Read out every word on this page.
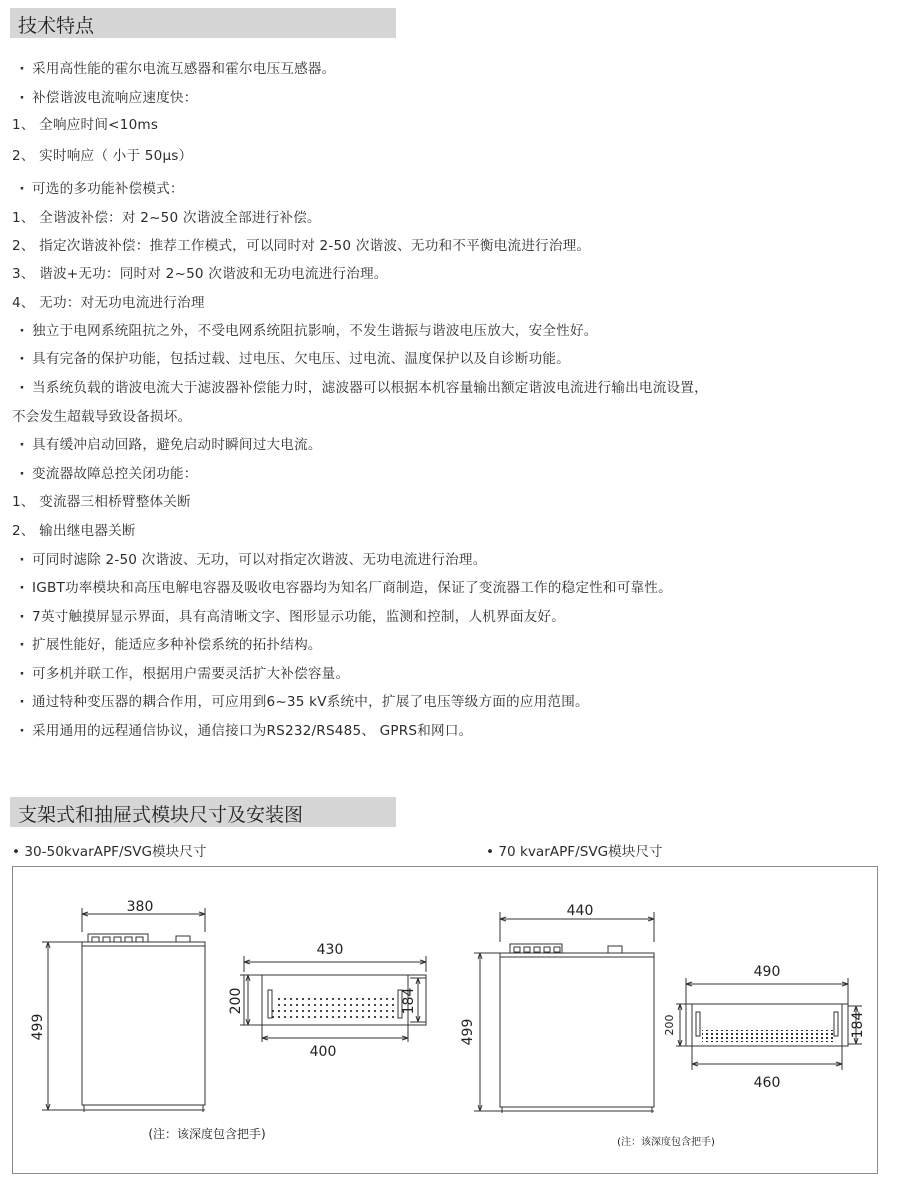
技术特点
· 采用高性能的霍尔电流互感器和霍尔电压互感器。
· 补偿谐波电流响应速度快：
1、 全响应时间<10ms
2、 实时响应（ 小于 50μs）
· 可选的多功能补偿模式：
1、 全谐波补偿：对 2~50 次谐波全部进行补偿。
2、 指定次谐波补偿：推荐工作模式，可以同时对 2-50 次谐波、无功和不平衡电流进行治理。
3、 谐波+无功：同时对 2~50 次谐波和无功电流进行治理。
4、 无功：对无功电流进行治理
· 独立于电网系统阻抗之外，不受电网系统阻抗影响，不发生谐振与谐波电压放大，安全性好。
· 具有完备的保护功能，包括过载、过电压、欠电压、过电流、温度保护以及自诊断功能。
· 当系统负载的谐波电流大于滤波器补偿能力时，滤波器可以根据本机容量输出额定谐波电流进行输出电流设置，
不会发生超载导致设备损坏。
· 具有缓冲启动回路，避免启动时瞬间过大电流。
· 变流器故障总控关闭功能：
1、 变流器三相桥臂整体关断
2、 输出继电器关断
· 可同时滤除 2-50 次谐波、无功，可以对指定次谐波、无功电流进行治理。
· IGBT功率模块和高压电解电容器及吸收电容器均为知名厂商制造，保证了变流器工作的稳定性和可靠性。
· 7英寸触摸屏显示界面，具有高清晰文字、图形显示功能，监测和控制，人机界面友好。
· 扩展性能好，能适应多种补偿系统的拓扑结构。
· 可多机并联工作，根据用户需要灵活扩大补偿容量。
· 通过特种变压器的耦合作用，可应用到6~35 kV系统中，扩展了电压等级方面的应用范围。
· 采用通用的远程通信协议，通信接口为RS232/RS485、 GPRS和网口。
支架式和抽屉式模块尺寸及安装图
• 30-50kvarAPF/SVG模块尺寸	• 70 kvarAPF/SVG模块尺寸
380
499
430
200	184
400
(注：该深度包含把手)
440
499
490
200	184
460
(注：该深度包含把手)
